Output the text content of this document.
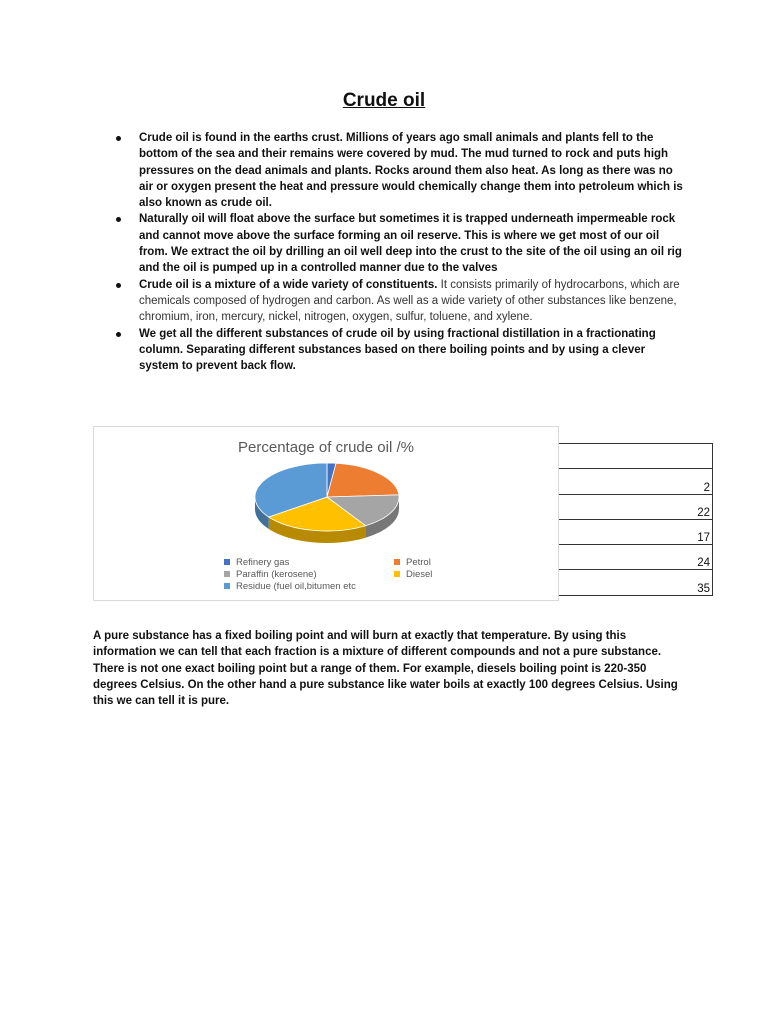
Crude oil
Crude oil is found in the earths crust. Millions of years ago small animals and plants fell to the bottom of the sea and their remains were covered by mud. The mud turned to rock and puts high pressures on the dead animals and plants. Rocks around them also heat. As long as there was no air or oxygen present the heat and pressure would chemically change them into petroleum which is also known as crude oil.
Naturally oil will float above the surface but sometimes it is trapped underneath impermeable rock and cannot move above the surface forming an oil reserve. This is where we get most of our oil from. We extract the oil by drilling an oil well deep into the crust to the site of the oil using an oil rig and the oil is pumped up in a controlled manner due to the valves
Crude oil is a mixture of a wide variety of constituents. It consists primarily of hydrocarbons, which are chemicals composed of hydrogen and carbon. As well as a wide variety of other substances like benzene, chromium, iron, mercury, nickel, nitrogen, oxygen, sulfur, toluene, and xylene.
We get all the different substances of crude oil by using fractional distillation in a fractionating column. Separating different substances based on there boiling points and by using a clever system to prevent back flow.
Percentage of crude oil /%
Refinery gas	Petrol
Paraffin (kerosene)	Diesel
Residue (fuel oil,bitumen etc

2
22
17
24
35

A pure substance has a fixed boiling point and will burn at exactly that temperature. By using this information we can tell that each fraction is a mixture of different compounds and not a pure substance. There is not one exact boiling point but a range of them. For example, diesels boiling point is 220-350 degrees Celsius. On the other hand a pure substance like water boils at exactly 100 degrees Celsius. Using this we can tell it is pure.
